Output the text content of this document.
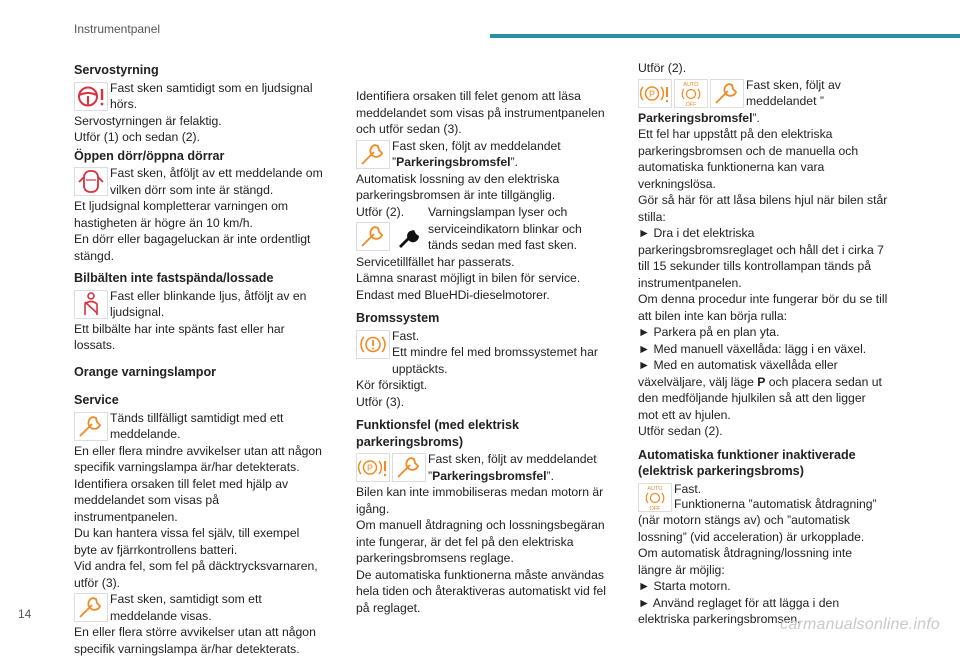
Instrumentpanel
Servostyrning
Fast sken samtidigt som en ljudsignal hörs.

Servostyrningen är felaktig.

Utför (1) och sedan (2).

Öppen dörr/öppna dörrar
Fast sken, åtföljt av ett meddelande om vilken dörr som inte är stängd.

Et ljudsignal kompletterar varningen om hastigheten är högre än 10 km/h.

En dörr eller bagageluckan är inte ordentligt stängd.

Bilbälten inte fastspända/lossade
Fast eller blinkande ljus, åtföljt av en ljudsignal.

Ett bilbälte har inte spänts fast eller har lossats.

Orange varningslampor
Service
Tänds tillfälligt samtidigt med ett meddelande.

En eller flera mindre avvikelser utan att någon specifik varningslampa är/har detekterats.

Identifiera orsaken till felet med hjälp av meddelandet som visas på instrumentpanelen.

Du kan hantera vissa fel själv, till exempel byte av fjärrkontrollens batteri.

Vid andra fel, som fel på däcktrycksvarnaren, utför (3).

Fast sken, samtidigt som ett meddelande visas.

En eller flera större avvikelser utan att någon specifik varningslampa är/har detekterats.

Identifiera orsaken till felet genom att läsa meddelandet som visas på instrumentpanelen och utför sedan (3).

Fast sken, följt av meddelandet ”Parkeringsbromsfel”.

Automatisk lossning av den elektriska parkeringsbromsen är inte tillgänglig.

Utför (2).	Varningslampan lyser och serviceindikatorn blinkar och tänds sedan med fast sken.

Servicetillfället har passerats.

Lämna snarast möjligt in bilen för service.

Endast med BlueHDi-dieselmotorer.

Bromssystem
Fast.
Ett mindre fel med bromssystemet har upptäckts.

Kör försiktigt.

Utför (3).

Funktionsfel (med elektrisk parkeringsbroms)
P
Fast sken, följt av meddelandet ”Parkeringsbromsfel”.

Bilen kan inte immobiliseras medan motorn är igång.

Om manuell åtdragning och lossningsbegäran inte fungerar, är det fel på den elektriska parkeringsbromsens reglage.

De automatiska funktionerna måste användas hela tiden och återaktiveras automatiskt vid fel på reglaget.

Utför (2).

P
AUTO
OFF
Fast sken, följt av meddelandet ”

Parkeringsbromsfel”.

Ett fel har uppstått på den elektriska parkeringsbromsen och de manuella och automatiska funktionerna kan vara verkningslösa.

Gör så här för att låsa bilens hjul när bilen står stilla:

► Dra i det elektriska parkeringsbromsreglaget och håll det i cirka 7 till 15 sekunder tills kontrollampan tänds på instrumentpanelen.

Om denna procedur inte fungerar bör du se till att bilen inte kan börja rulla:

► Parkera på en plan yta.

► Med manuell växellåda: lägg i en växel.

► Med en automatisk växellåda eller växelväljare, välj läge P och placera sedan ut den medföljande hjulkilen så att den ligger mot ett av hjulen.

Utför sedan (2).

Automatiska funktioner inaktiverade (elektrisk parkeringsbroms)
AUTO
OFF
Fast.

Funktionerna ”automatisk åtdragning” (när motorn stängs av) och ”automatisk lossning” (vid acceleration) är urkopplade.

Om automatisk åtdragning/lossning inte längre är möjlig:

► Starta motorn.

► Använd reglaget för att lägga i den elektriska parkeringsbromsen.

14
carmanualsonline.info
